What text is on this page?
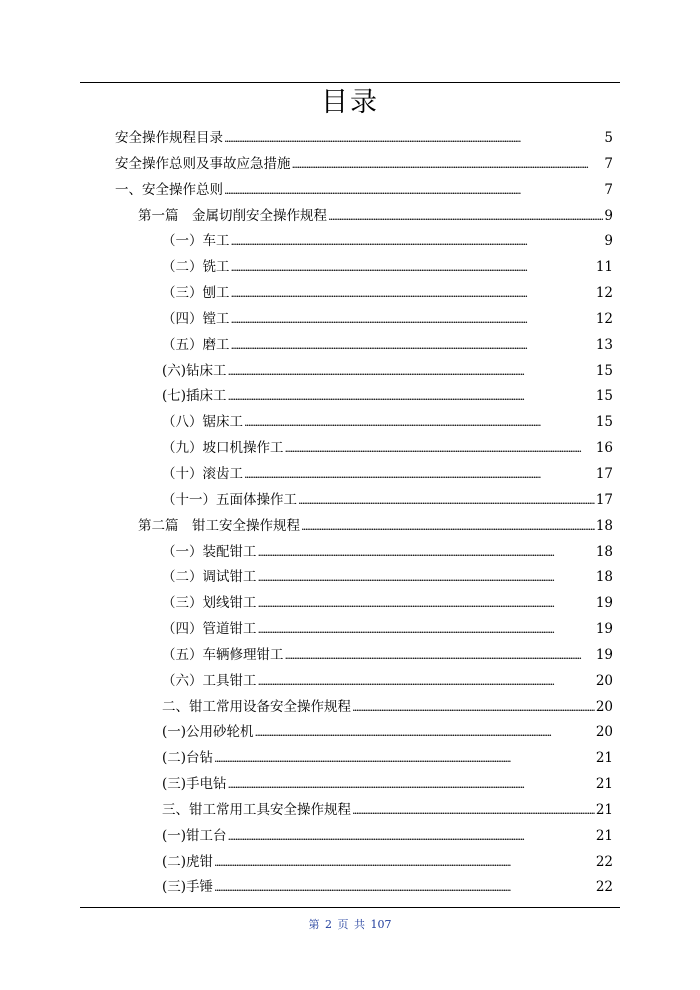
目录
安全操作规程目录 . . .	5
安全操作总则及事故应急措施 . . .	7
一、安全操作总则 . . .	7
第一篇　金属切削安全操作规程 . . .	9
（一）车工 . . .	9
（二）铣工 . . .	11
（三）刨工 . . .	12
（四）镗工 . . .	12
（五）磨工 . . .	13
(六)钻床工 . . .	15
(七)插床工 . . .	15
（八）锯床工 . . .	15
（九）坡口机操作工 . . .	16
（十）滚齿工 . . .	17
（十一）五面体操作工 . . .	17
第二篇　钳工安全操作规程 . . .	18
（一）装配钳工 . . .	18
（二）调试钳工 . . .	18
（三）划线钳工 . . .	19
（四）管道钳工 . . .	19
（五）车辆修理钳工 . . .	19
（六）工具钳工 . . .	20
二、钳工常用设备安全操作规程 . . .	20
(一)公用砂轮机 . . .	20
(二)台钻 . . .	21
(三)手电钻 . . .	21
三、钳工常用工具安全操作规程 . . .	21
(一)钳工台 . . .	21
(二)虎钳 . . .	22
(三)手锤 . . .	22
第 2 页 共 107
